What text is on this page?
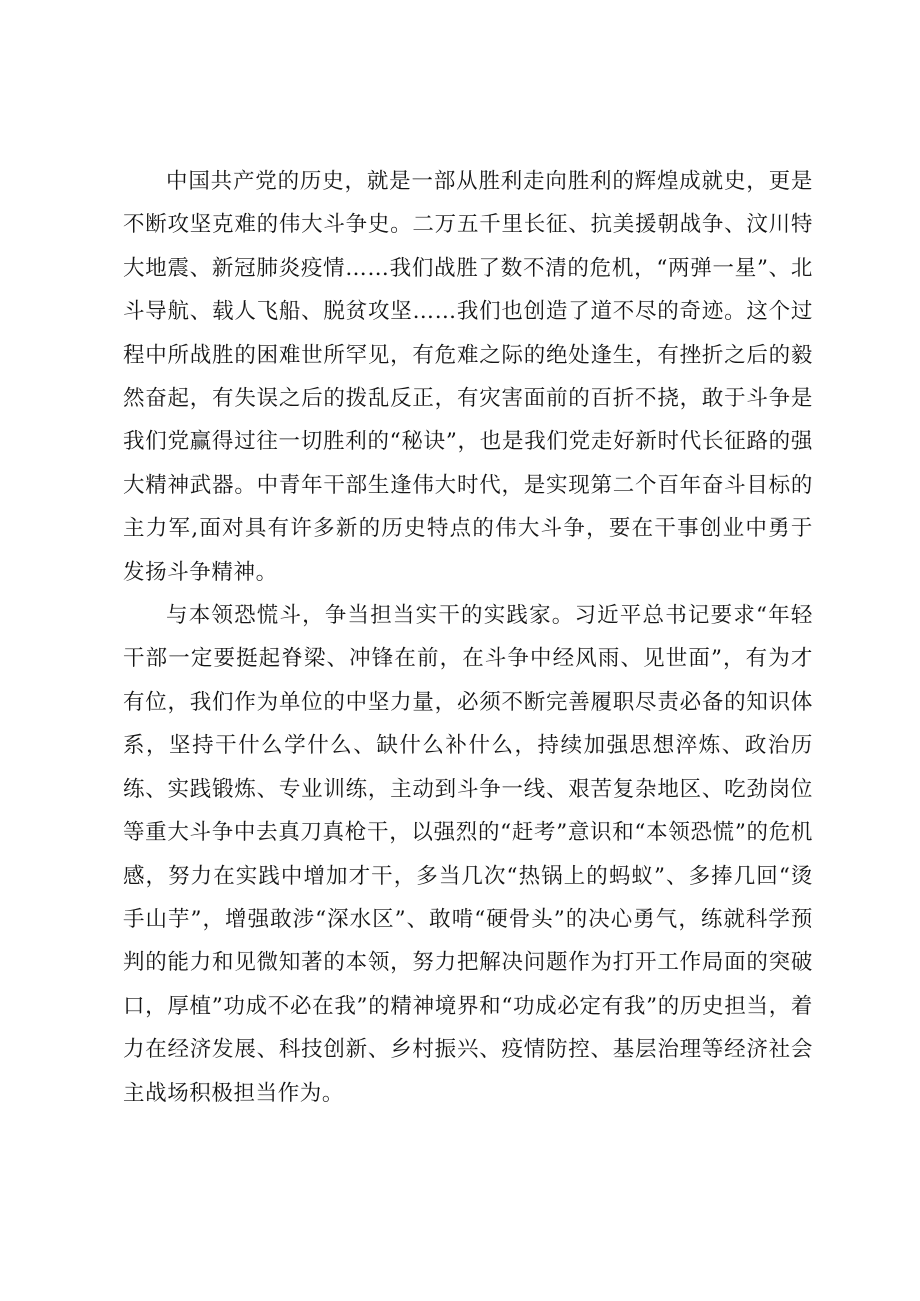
中国共产党的历史，就是一部从胜利走向胜利的辉煌成就史，更是不断攻坚克难的伟大斗争史。二万五千里长征、抗美援朝战争、汶川特大地震、新冠肺炎疫情……我们战胜了数不清的危机，“两弹一星”、北斗导航、载人飞船、脱贫攻坚……我们也创造了道不尽的奇迹。这个过程中所战胜的困难世所罕见，有危难之际的绝处逢生，有挫折之后的毅然奋起，有失误之后的拨乱反正，有灾害面前的百折不挠，敢于斗争是我们党赢得过往一切胜利的“秘诀”，也是我们党走好新时代长征路的强大精神武器。中青年干部生逢伟大时代，是实现第二个百年奋斗目标的主力军,面对具有许多新的历史特点的伟大斗争，要在干事创业中勇于发扬斗争精神。

与本领恐慌斗，争当担当实干的实践家。习近平总书记要求“年轻干部一定要挺起脊梁、冲锋在前，在斗争中经风雨、见世面”，有为才有位，我们作为单位的中坚力量，必须不断完善履职尽责必备的知识体系，坚持干什么学什么、缺什么补什么，持续加强思想淬炼、政治历练、实践锻炼、专业训练，主动到斗争一线、艰苦复杂地区、吃劲岗位等重大斗争中去真刀真枪干，以强烈的“赶考”意识和“本领恐慌”的危机感，努力在实践中增加才干，多当几次“热锅上的蚂蚁”、多捧几回“烫手山芋”，增强敢涉“深水区”、敢啃“硬骨头”的决心勇气，练就科学预判的能力和见微知著的本领，努力把解决问题作为打开工作局面的突破口，厚植”功成不必在我”的精神境界和“功成必定有我”的历史担当，着力在经济发展、科技创新、乡村振兴、疫情防控、基层治理等经济社会主战场积极担当作为。
